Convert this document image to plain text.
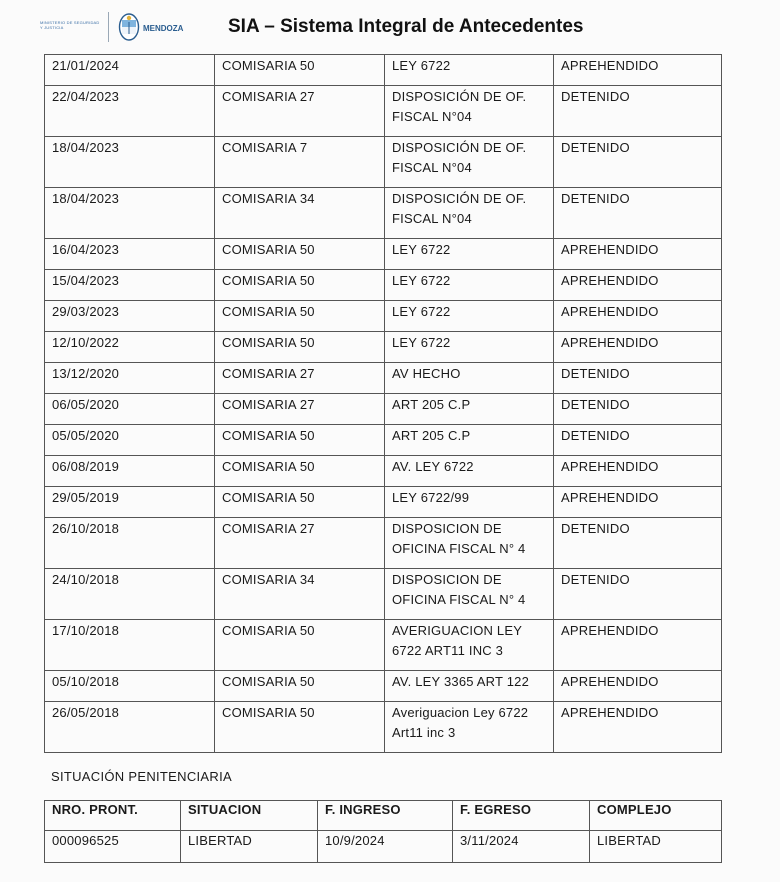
MINISTERIO DE SEGURIDAD Y JUSTICIA	MENDOZA SIA – Sistema Integral de Antecedentes
21/01/2024	COMISARIA 50	LEY 6722	APREHENDIDO
22/04/2023	COMISARIA 27	DISPOSICIÓN DE OF. FISCAL N°04	DETENIDO
18/04/2023	COMISARIA 7	DISPOSICIÓN DE OF. FISCAL N°04	DETENIDO
18/04/2023	COMISARIA 34	DISPOSICIÓN DE OF. FISCAL N°04	DETENIDO
16/04/2023	COMISARIA 50	LEY 6722	APREHENDIDO
15/04/2023	COMISARIA 50	LEY 6722	APREHENDIDO
29/03/2023	COMISARIA 50	LEY 6722	APREHENDIDO
12/10/2022	COMISARIA 50	LEY 6722	APREHENDIDO
13/12/2020	COMISARIA 27	AV HECHO	DETENIDO
06/05/2020	COMISARIA 27	ART 205 C.P	DETENIDO
05/05/2020	COMISARIA 50	ART 205 C.P	DETENIDO
06/08/2019	COMISARIA 50	AV. LEY 6722	APREHENDIDO
29/05/2019	COMISARIA 50	LEY 6722/99	APREHENDIDO
26/10/2018	COMISARIA 27	DISPOSICION DE OFICINA FISCAL N° 4	DETENIDO
24/10/2018	COMISARIA 34	DISPOSICION DE OFICINA FISCAL N° 4	DETENIDO
17/10/2018	COMISARIA 50	AVERIGUACION LEY 6722 ART11 INC 3	APREHENDIDO
05/10/2018	COMISARIA 50	AV. LEY 3365 ART 122	APREHENDIDO
26/05/2018	COMISARIA 50	Averiguacion Ley 6722 Art11 inc 3	APREHENDIDO
SITUACIÓN PENITENCIARIA
NRO. PRONT.	SITUACION	F. INGRESO	F. EGRESO	COMPLEJO
000096525	LIBERTAD	10/9/2024	3/11/2024	LIBERTAD
